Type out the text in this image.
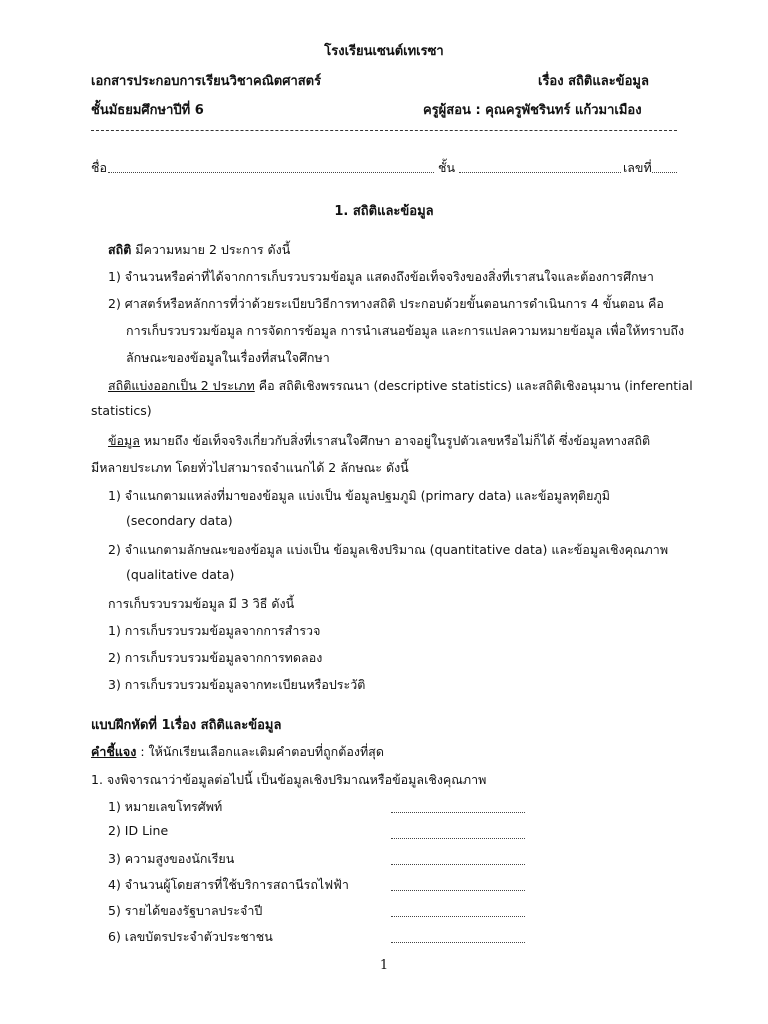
โรงเรียนเซนต์เทเรซา
เอกสารประกอบการเรียนวิชาคณิตศาสตร์	เรื่อง สถิติและข้อมูล
ชั้นมัธยมศึกษาปีที่ 6	ครูผู้สอน : คุณครูพัชรินทร์ แก้วมาเมือง
ชื่อ	ชั้น	เลขที่
1. สถิติและข้อมูล
สถิติ มีความหมาย 2 ประการ ดังนี้
1) จำนวนหรือค่าที่ได้จากการเก็บรวบรวมข้อมูล แสดงถึงข้อเท็จจริงของสิ่งที่เราสนใจและต้องการศึกษา
2) ศาสตร์หรือหลักการที่ว่าด้วยระเบียบวิธีการทางสถิติ ประกอบด้วยขั้นตอนการดำเนินการ 4 ขั้นตอน คือ
การเก็บรวบรวมข้อมูล การจัดการข้อมูล การนำเสนอข้อมูล และการแปลความหมายข้อมูล เพื่อให้ทราบถึง
ลักษณะของข้อมูลในเรื่องที่สนใจศึกษา
สถิติแบ่งออกเป็น 2 ประเภท คือ สถิติเชิงพรรณนา (descriptive statistics) และสถิติเชิงอนุมาน (inferential
statistics)
ข้อมูล หมายถึง ข้อเท็จจริงเกี่ยวกับสิ่งที่เราสนใจศึกษา อาจอยู่ในรูปตัวเลขหรือไม่ก็ได้ ซึ่งข้อมูลทางสถิติ
มีหลายประเภท โดยทั่วไปสามารถจำแนกได้ 2 ลักษณะ ดังนี้
1) จำแนกตามแหล่งที่มาของข้อมูล แบ่งเป็น ข้อมูลปฐมภูมิ (primary data) และข้อมูลทุติยภูมิ
(secondary data)
2) จำแนกตามลักษณะของข้อมูล แบ่งเป็น ข้อมูลเชิงปริมาณ (quantitative data) และข้อมูลเชิงคุณภาพ
(qualitative data)
การเก็บรวบรวมข้อมูล มี 3 วิธี ดังนี้
1) การเก็บรวบรวมข้อมูลจากการสำรวจ
2) การเก็บรวบรวมข้อมูลจากการทดลอง
3) การเก็บรวบรวมข้อมูลจากทะเบียนหรือประวัติ
แบบฝึกหัดที่ 1เรื่อง สถิติและข้อมูล
คำชี้แจง : ให้นักเรียนเลือกและเติมคำตอบที่ถูกต้องที่สุด
1. จงพิจารณาว่าข้อมูลต่อไปนี้ เป็นข้อมูลเชิงปริมาณหรือข้อมูลเชิงคุณภาพ
1) หมายเลขโทรศัพท์
2) ID Line
3) ความสูงของนักเรียน
4) จำนวนผู้โดยสารที่ใช้บริการสถานีรถไฟฟ้า
5) รายได้ของรัฐบาลประจำปี
6) เลขบัตรประจำตัวประชาชน
1
